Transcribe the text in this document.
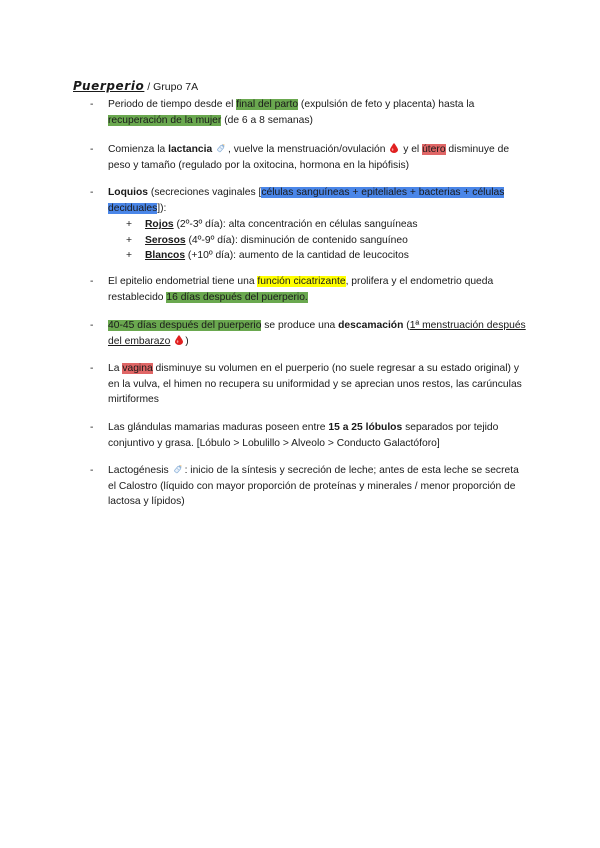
Puerperio / Grupo 7A
- Periodo de tiempo desde el final del parto (expulsión de feto y placenta) hasta la recuperación de la mujer (de 6 a 8 semanas)
- Comienza la lactancia , vuelve la menstruación/ovulación  y el útero disminuye de peso y tamaño (regulado por la oxitocina, hormona en la hipófisis)
- Loquios (secreciones vaginales [células sanguíneas + epiteliales + bacterias + células deciduales]):
+ Rojos (2º-3º día): alta concentración en células sanguíneas
+ Serosos (4º-9º día): disminución de contenido sanguíneo
+ Blancos (+10º día): aumento de la cantidad de leucocitos
- El epitelio endometrial tiene una función cicatrizante, prolifera y el endometrio queda restablecido 16 días después del puerperio.
- 40-45 días después del puerperio se produce una descamación (1ª menstruación después del embarazo )
- La vagina disminuye su volumen en el puerperio (no suele regresar a su estado original) y en la vulva, el himen no recupera su uniformidad y se aprecian unos restos, las carúnculas mirtiformes
- Las glándulas mamarias maduras poseen entre 15 a 25 lóbulos separados por tejido conjuntivo y grasa. [Lóbulo > Lobulillo > Alveolo > Conducto Galactóforo]
- Lactogénesis : inicio de la síntesis y secreción de leche; antes de esta leche se secreta el Calostro (líquido con mayor proporción de proteínas y minerales / menor proporción de lactosa y lípidos)
